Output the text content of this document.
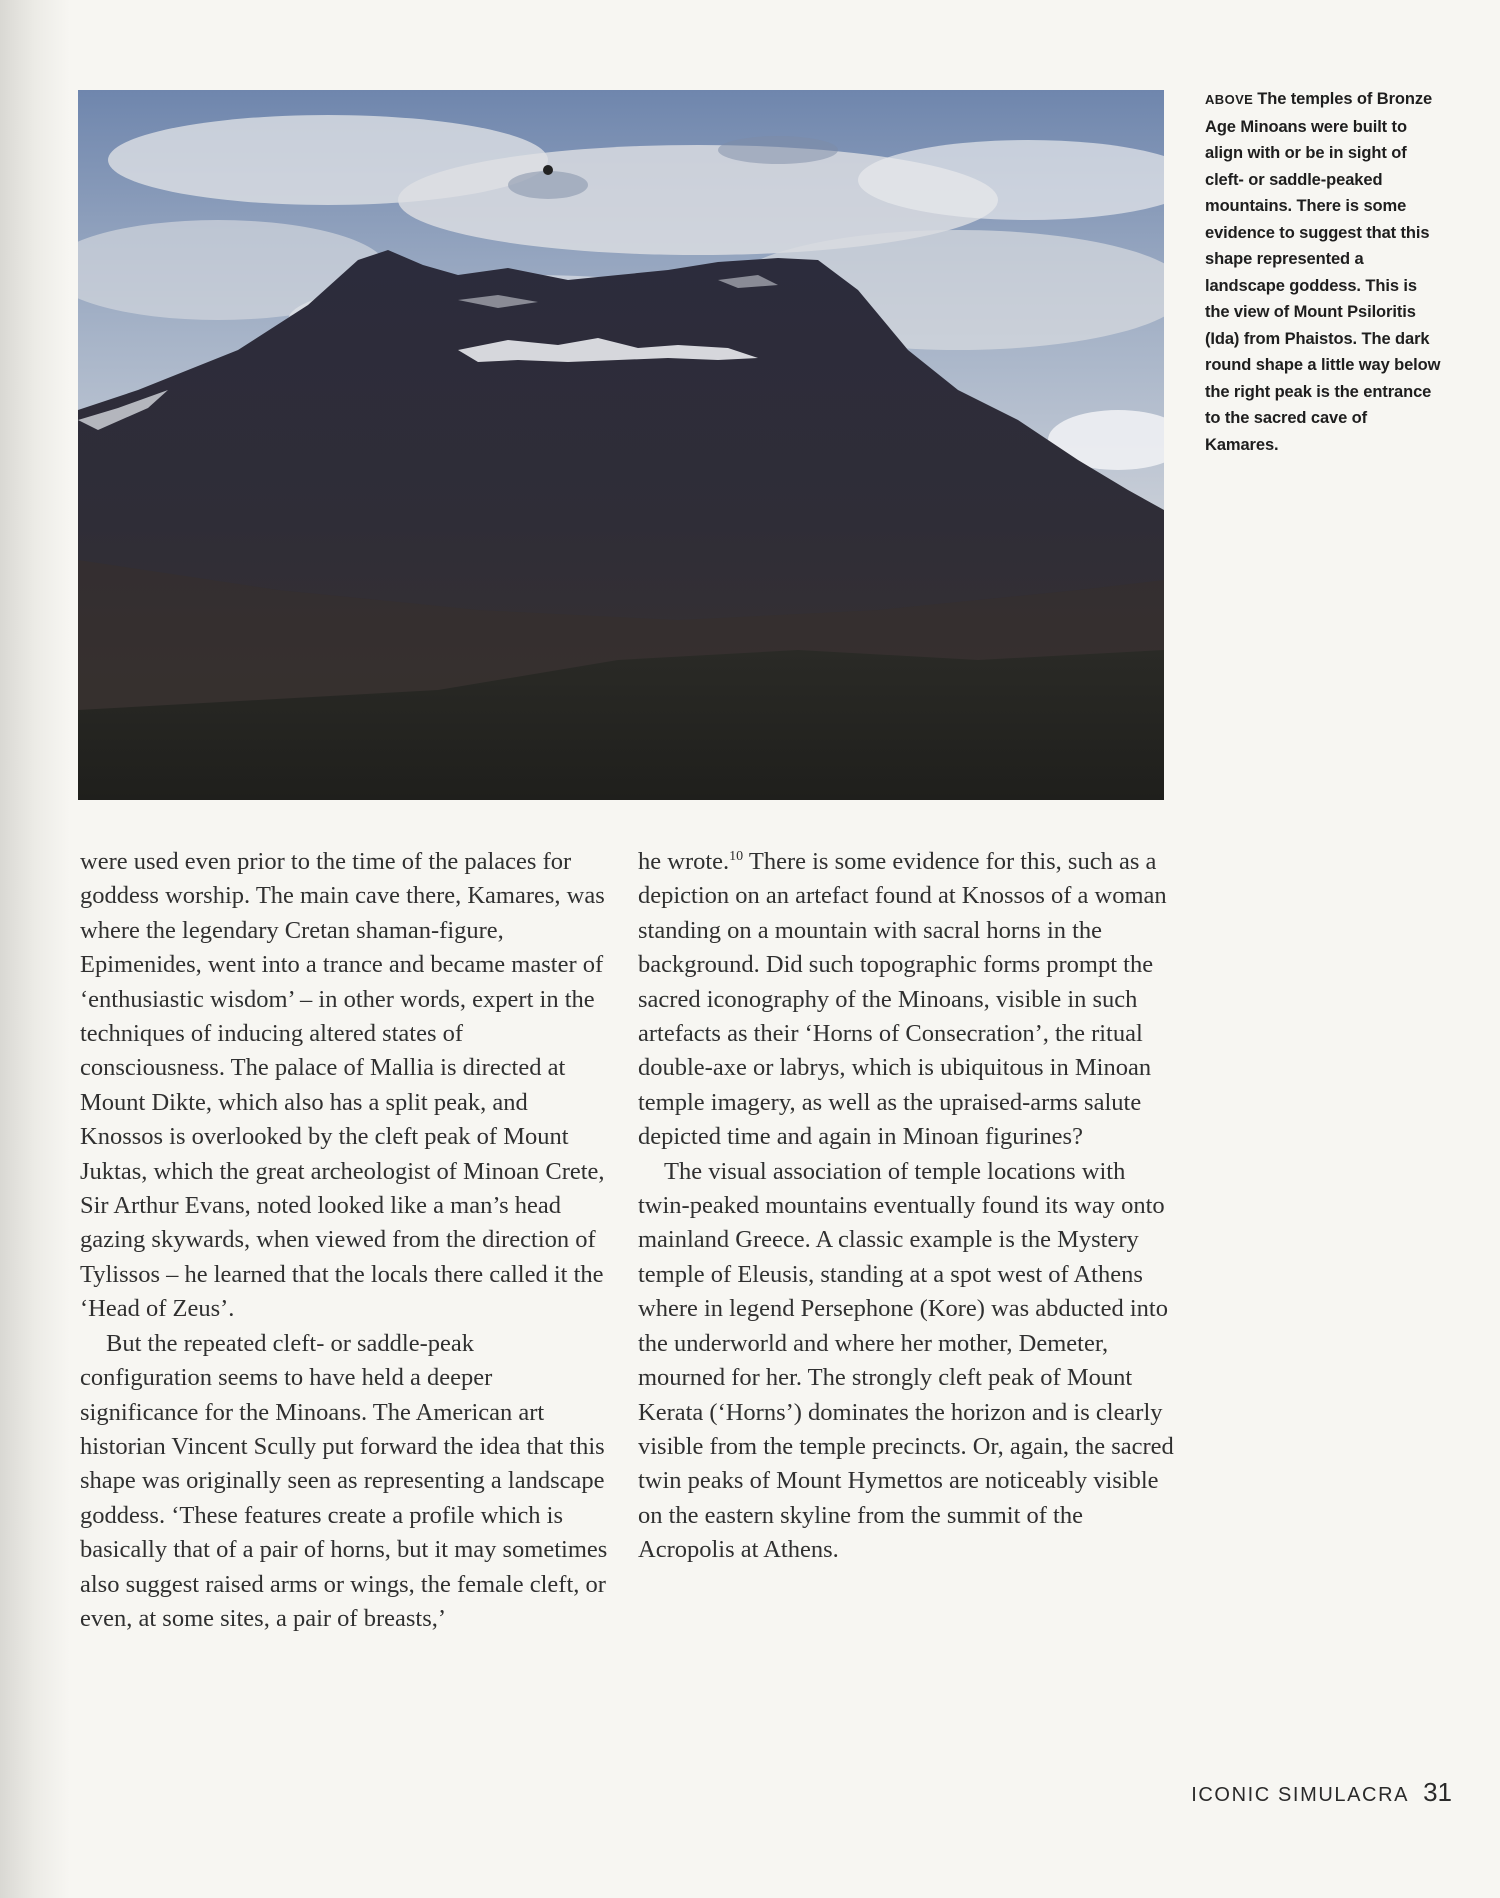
ABOVE The temples of Bronze Age Minoans were built to align with or be in sight of cleft- or saddle-peaked mountains. There is some evidence to suggest that this shape represented a landscape goddess. This is the view of Mount Psiloritis (Ida) from Phaistos. The dark round shape a little way below the right peak is the entrance to the sacred cave of Kamares.

were used even prior to the time of the palaces for goddess worship. The main cave there, Kamares, was where the legendary Cretan shaman-figure, Epimenides, went into a trance and became master of ‘enthusiastic wisdom’ – in other words, expert in the techniques of inducing altered states of consciousness. The palace of Mallia is directed at Mount Dikte, which also has a split peak, and Knossos is overlooked by the cleft peak of Mount Juktas, which the great archeologist of Minoan Crete, Sir Arthur Evans, noted looked like a man’s head gazing skywards, when viewed from the direction of Tylissos – he learned that the locals there called it the ‘Head of Zeus’.

But the repeated cleft- or saddle-peak configuration seems to have held a deeper significance for the Minoans. The American art historian Vincent Scully put forward the idea that this shape was originally seen as representing a landscape goddess. ‘These features create a profile which is basically that of a pair of horns, but it may sometimes also suggest raised arms or wings, the female cleft, or even, at some sites, a pair of breasts,’

he wrote.$^{10}$ There is some evidence for this, such as a depiction on an artefact found at Knossos of a woman standing on a mountain with sacral horns in the background. Did such topographic forms prompt the sacred iconography of the Minoans, visible in such artefacts as their ‘Horns of Consecration’, the ritual double-axe or labrys, which is ubiquitous in Minoan temple imagery, as well as the upraised-arms salute depicted time and again in Minoan figurines?

The visual association of temple locations with twin-peaked mountains eventually found its way onto mainland Greece. A classic example is the Mystery temple of Eleusis, standing at a spot west of Athens where in legend Persephone (Kore) was abducted into the underworld and where her mother, Demeter, mourned for her. The strongly cleft peak of Mount Kerata (‘Horns’) dominates the horizon and is clearly visible from the temple precincts. Or, again, the sacred twin peaks of Mount Hymettos are noticeably visible on the eastern skyline from the summit of the Acropolis at Athens.

ICONIC SIMULACRA 31
